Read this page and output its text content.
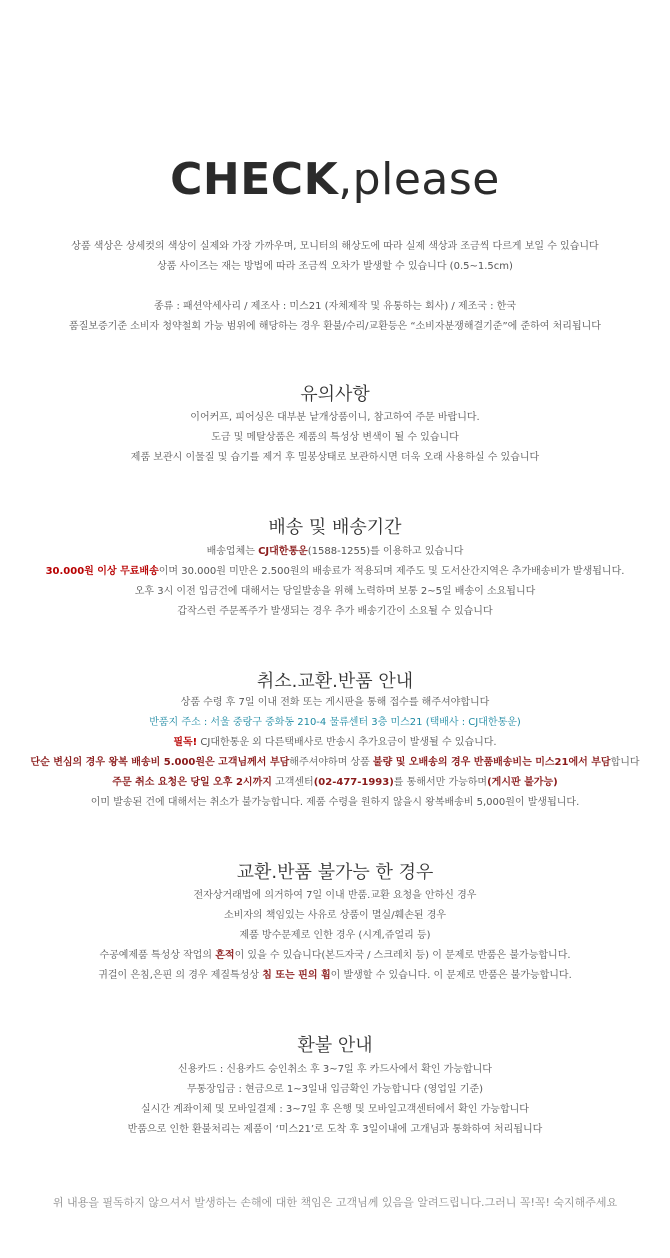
CHECK,please
상품 색상은 상세컷의 색상이 실제와 가장 가까우며, 모니터의 해상도에 따라 실제 색상과 조금씩 다르게 보일 수 있습니다
상품 사이즈는 재는 방법에 따라 조금씩 오차가 발생할 수 있습니다 (0.5~1.5cm)
종류 : 패션악세사리 / 제조사 : 미스21 (자체제작 및 유통하는 회사) / 제조국 : 한국
품질보증기준 소비자 청약철회 가능 범위에 해당하는 경우 환불/수리/교환등은 “소비자분쟁해결기준”에 준하여 처리됩니다
유의사항
이어커프, 피어싱은 대부분 낱개상품이니, 참고하여 주문 바랍니다.
도금 및 메탈상품은 제품의 특성상 변색이 될 수 있습니다
제품 보관시 이물질 및 습기를 제거 후 밀봉상태로 보관하시면 더욱 오래 사용하실 수 있습니다
배송 및 배송기간
배송업체는 CJ대한통운(1588-1255)를 이용하고 있습니다
30.000원 이상 무료배송이며 30.000원 미만은 2.500원의 배송료가 적용되며 제주도 및 도서산간지역은 추가배송비가 발생됩니다.
오후 3시 이전 입금건에 대해서는 당일발송을 위해 노력하며 보통 2~5일 배송이 소요됩니다
갑작스런 주문폭주가 발생되는 경우 추가 배송기간이 소요될 수 있습니다
취소.교환.반품 안내
상품 수령 후 7일 이내 전화 또는 게시판을 통해 접수를 해주셔야합니다
반품지 주소 : 서울 중랑구 중화동 210-4 물류센터 3층 미스21 (택배사 : CJ대한통운)
필독! CJ대한통운 외 다른택배사로 반송시 추가요금이 발생될 수 있습니다.
단순 변심의 경우 왕복 배송비 5.000원은 고객님께서 부담해주셔야하며 상품 불량 및 오배송의 경우 반품배송비는 미스21에서 부담합니다
주문 취소 요청은 당일 오후 2시까지 고객센터(02-477-1993)를 통해서만 가능하며(게시판 불가능)
이미 발송된 건에 대해서는 취소가 불가능합니다. 제품 수령을 원하지 않을시 왕복배송비 5,000원이 발생됩니다.
교환.반품 불가능 한 경우
전자상거래법에 의거하여 7일 이내 반품.교환 요청을 안하신 경우
소비자의 책임있는 사유로 상품이 멸실/훼손된 경우
제품 방수문제로 인한 경우 (시계,쥬얼리 등)
수공예제품 특성상 작업의 흔적이 있을 수 있습니다(본드자국 / 스크레치 등) 이 문제로 반품은 불가능합니다.
귀걸이 은침,은핀 의 경우 제질특성상 침 또는 핀의 휨이 발생할 수 있습니다. 이 문제로 반품은 불가능합니다.
환불 안내
신용카드 : 신용카드 승인취소 후 3~7일 후 카드사에서 확인 가능합니다
무통장입금 : 현금으로 1~3일내 입금확인 가능합니다 (영업일 기준)
실시간 계좌이체 및 모바일결제 : 3~7일 후 은행 및 모바일고객센터에서 확인 가능합니다
반품으로 인한 환불처리는 제품이 ‘미스21’로 도착 후 3일이내에 고개님과 통화하여 처리됩니다
위 내용을 필독하지 않으셔서 발생하는 손해에 대한 책임은 고객님께 있음을 알려드립니다.그러니 꼭!꼭! 숙지해주세요
